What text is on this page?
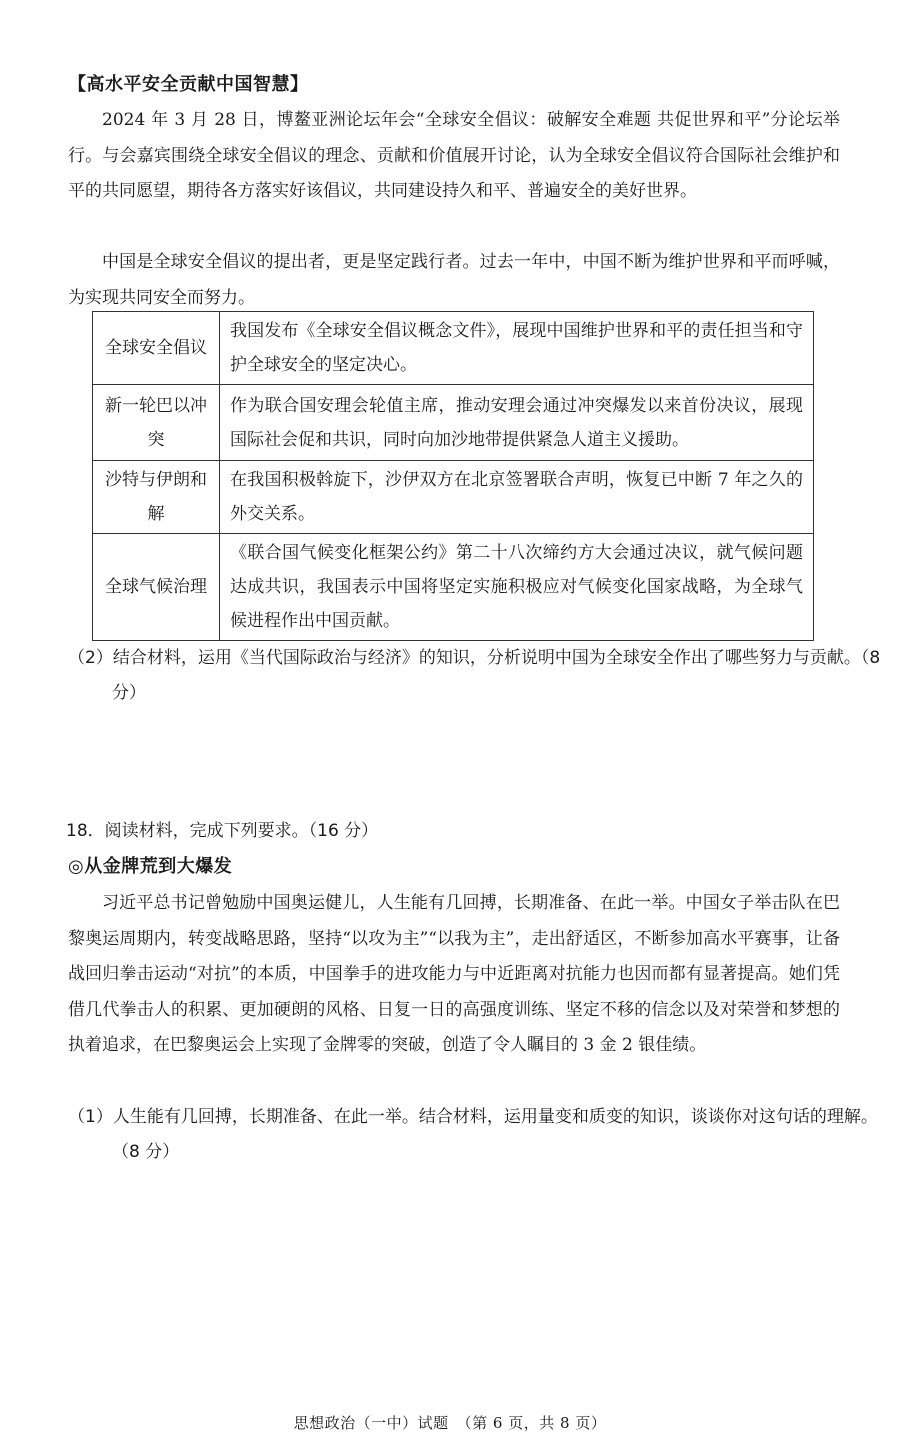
【高水平安全贡献中国智慧】

2024 年 3 月 28 日，博鳌亚洲论坛年会“全球安全倡议：破解安全难题 共促世界和平”分论坛举行。与会嘉宾围绕全球安全倡议的理念、贡献和价值展开讨论，认为全球安全倡议符合国际社会维护和平的共同愿望，期待各方落实好该倡议，共同建设持久和平、普遍安全的美好世界。

中国是全球安全倡议的提出者，更是坚定践行者。过去一年中，中国不断为维护世界和平而呼喊，为实现共同安全而努力。

全球安全倡议	我国发布《全球安全倡议概念文件》，展现中国维护世界和平的责任担当和守护全球安全的坚定决心。
新一轮巴以冲突	作为联合国安理会轮值主席，推动安理会通过冲突爆发以来首份决议，展现国际社会促和共识，同时向加沙地带提供紧急人道主义援助。
沙特与伊朗和解	在我国积极斡旋下，沙伊双方在北京签署联合声明，恢复已中断 7 年之久的外交关系。
全球气候治理	《联合国气候变化框架公约》第二十八次缔约方大会通过决议，就气候问题达成共识，我国表示中国将坚定实施积极应对气候变化国家战略，为全球气候进程作出中国贡献。

（2）结合材料，运用《当代国际政治与经济》的知识，分析说明中国为全球安全作出了哪些努力与贡献。（8 分）

18．阅读材料，完成下列要求。（16 分）
◎从金牌荒到大爆发

习近平总书记曾勉励中国奥运健儿，人生能有几回搏，长期准备、在此一举。中国女子举击队在巴黎奥运周期内，转变战略思路，坚持“以攻为主”“以我为主”，走出舒适区，不断参加高水平赛事，让备战回归拳击运动“对抗”的本质，中国拳手的进攻能力与中近距离对抗能力也因而都有显著提高。她们凭借几代拳击人的积累、更加硬朗的风格、日复一日的高强度训练、坚定不移的信念以及对荣誉和梦想的执着追求，在巴黎奥运会上实现了金牌零的突破，创造了令人瞩目的 3 金 2 银佳绩。

（1）人生能有几回搏，长期准备、在此一举。结合材料，运用量变和质变的知识，谈谈你对这句话的理解。（8 分）

思想政治（一中）试题　（第 6 页，共 8 页）
